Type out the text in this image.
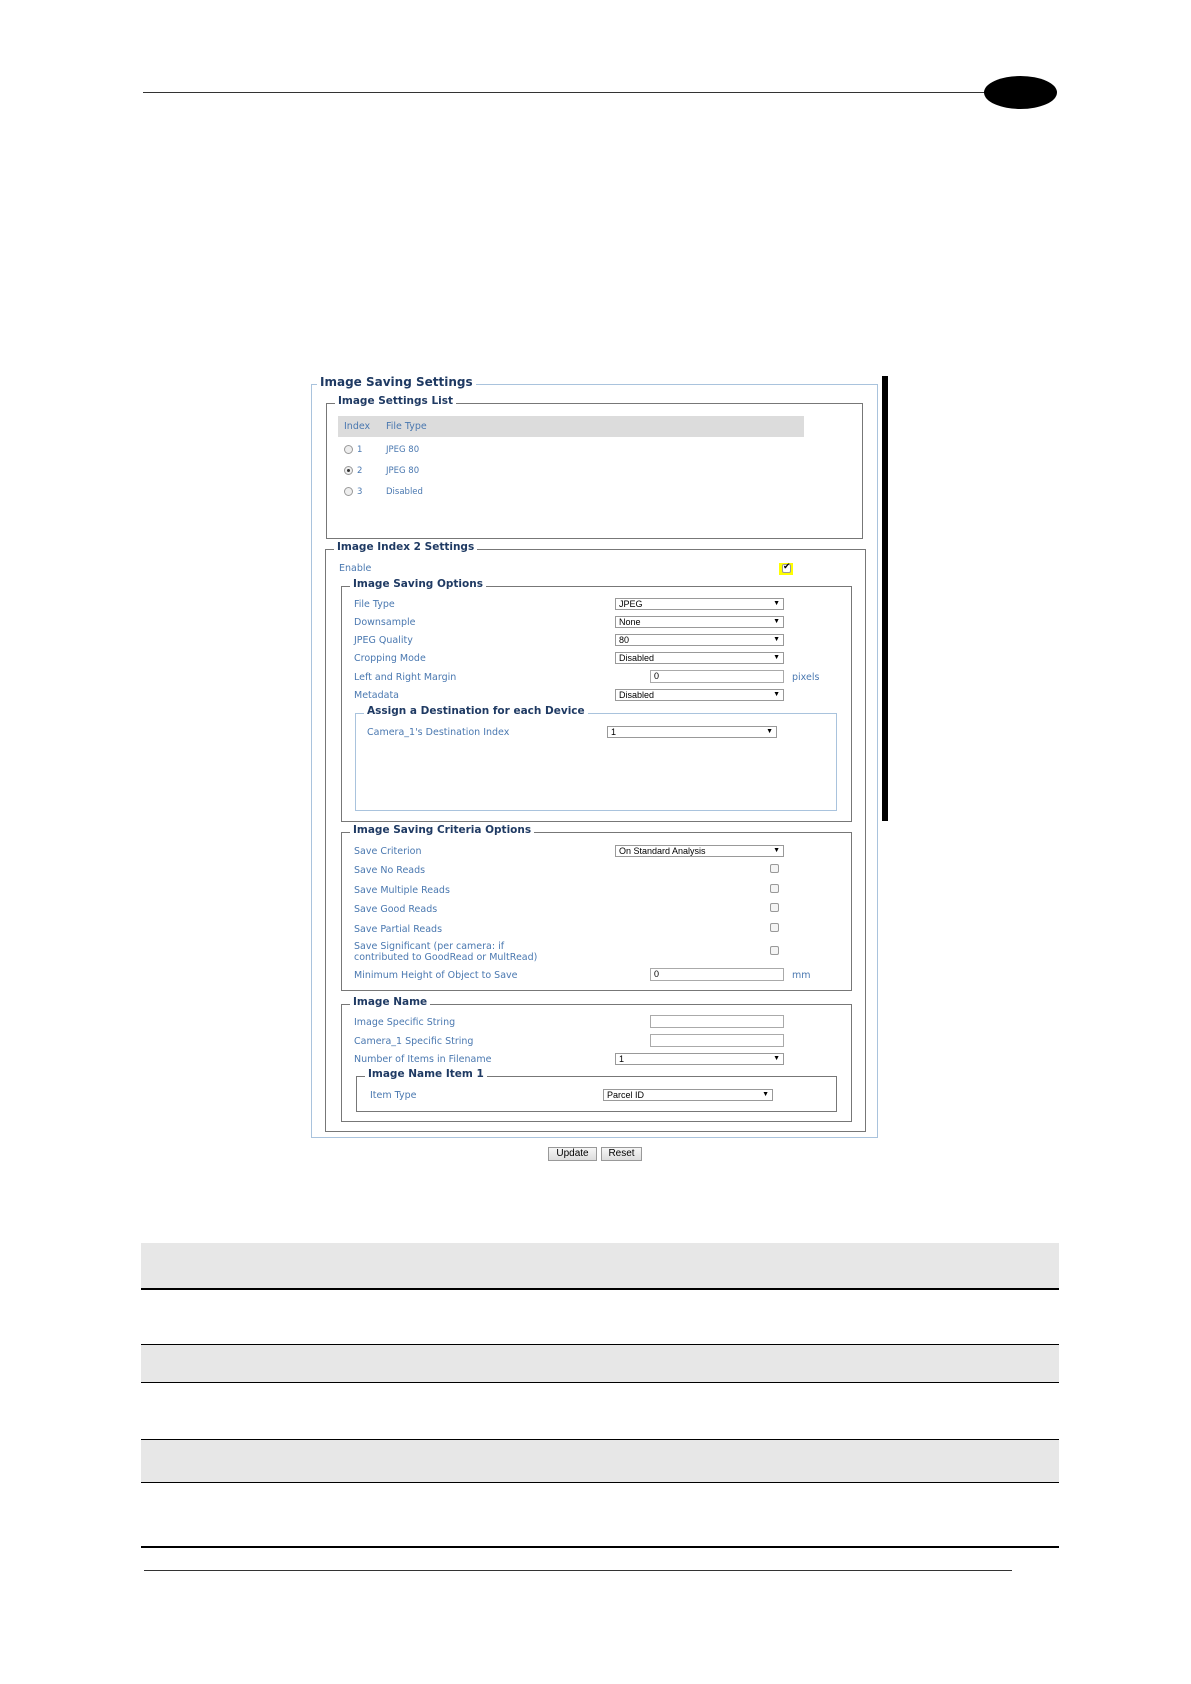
Image Saving Settings
Image Settings List
Index File Type
1	JPEG 80
2	JPEG 80
3	Disabled
Image Index 2 Settings
Enable	✔
Image Saving Options
File Type	JPEG	▼
Downsample	None	▼
JPEG Quality	80	▼
Cropping Mode	Disabled	▼
Left and Right Margin	0	pixels
Metadata	Disabled	▼
Assign a Destination for each Device
Camera_1's Destination Index	1	▼
Image Saving Criteria Options
Save Criterion	On Standard Analysis	▼
Save No Reads
Save Multiple Reads
Save Good Reads
Save Partial Reads
Save Significant (per camera: if
contributed to GoodRead or MultRead)
Minimum Height of Object to Save	0	mm
Image Name
Image Specific String
Camera_1 Specific String
Number of Items in Filename	1	▼
Image Name Item 1
Item Type	Parcel ID	▼
Update	Reset
